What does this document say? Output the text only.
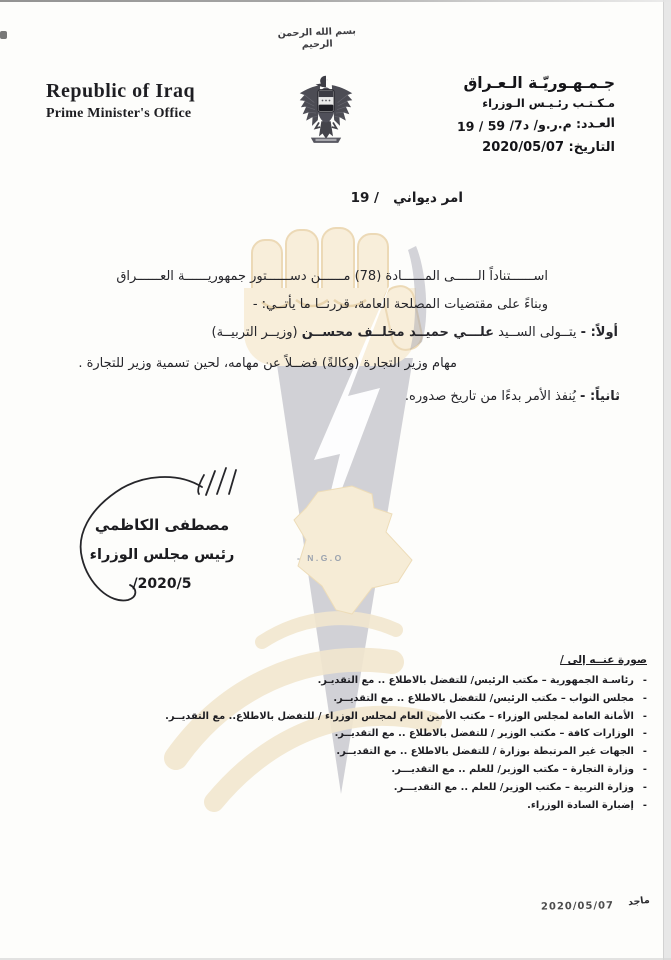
- N.G.O
Republic of Iraq
Prime Minister's Office
بسم الله الرحمن الرحيم
جـمـهـوريّـة الـعـراق
مـكـتـب رئـيـس الـوزراء
العـدد: م.ر.و/ د7/ 59 / 19
التاريخ: 2020/05/07
امر ديواني   / 19
اســــــتناداً الــــــى المــــــادة (78) مــــــن دســــــتور جمهوريــــــة العــــــراق
وبناءً على مقتضيات المصلحة العامة، قررنــا ما يأتــي: -
أولاً: - يتــولى الســيد علـــي حميــد مخلــف محســن (وزيــر التربيــة)
مهام وزير التجارة (وكالةً) فضــلاً عن مهامه، لحين تسمية وزير للتجارة .
ثانياً: - يُنفذ الأمر بدءًا من تاريخ صدوره.
مصطفى الكاظمي
رئيس مجلس الوزراء
2020/5/
صورة عنــه إلى /
-رئاسـة الجمهورية – مكتب الرئيس/ للتفضل بالاطلاع .. مع التقديـر.
-مجلس النواب – مكتب الرئيس/ للتفضل بالاطلاع .. مع التقديــر.
-الأمانة العامة لمجلس الوزراء – مكتب الأمين العام لمجلس الوزراء / للتفضل بالاطلاع.. مع التقديــر.
-الوزارات كافة – مكتب الوزير / للتفضل بالاطلاع .. مع التقديــر.
-الجهات غير المرتبطة بوزارة / للتفضل بالاطلاع .. مع التقديــر.
-وزارة التجارة – مكتب الوزير/ للعلم .. مع التقديـــر.
-وزارة التربية – مكتب الوزير/ للعلم .. مع التقديـــر.
-إضبارة السادة الوزراء.
2020/05/07 ماجد
